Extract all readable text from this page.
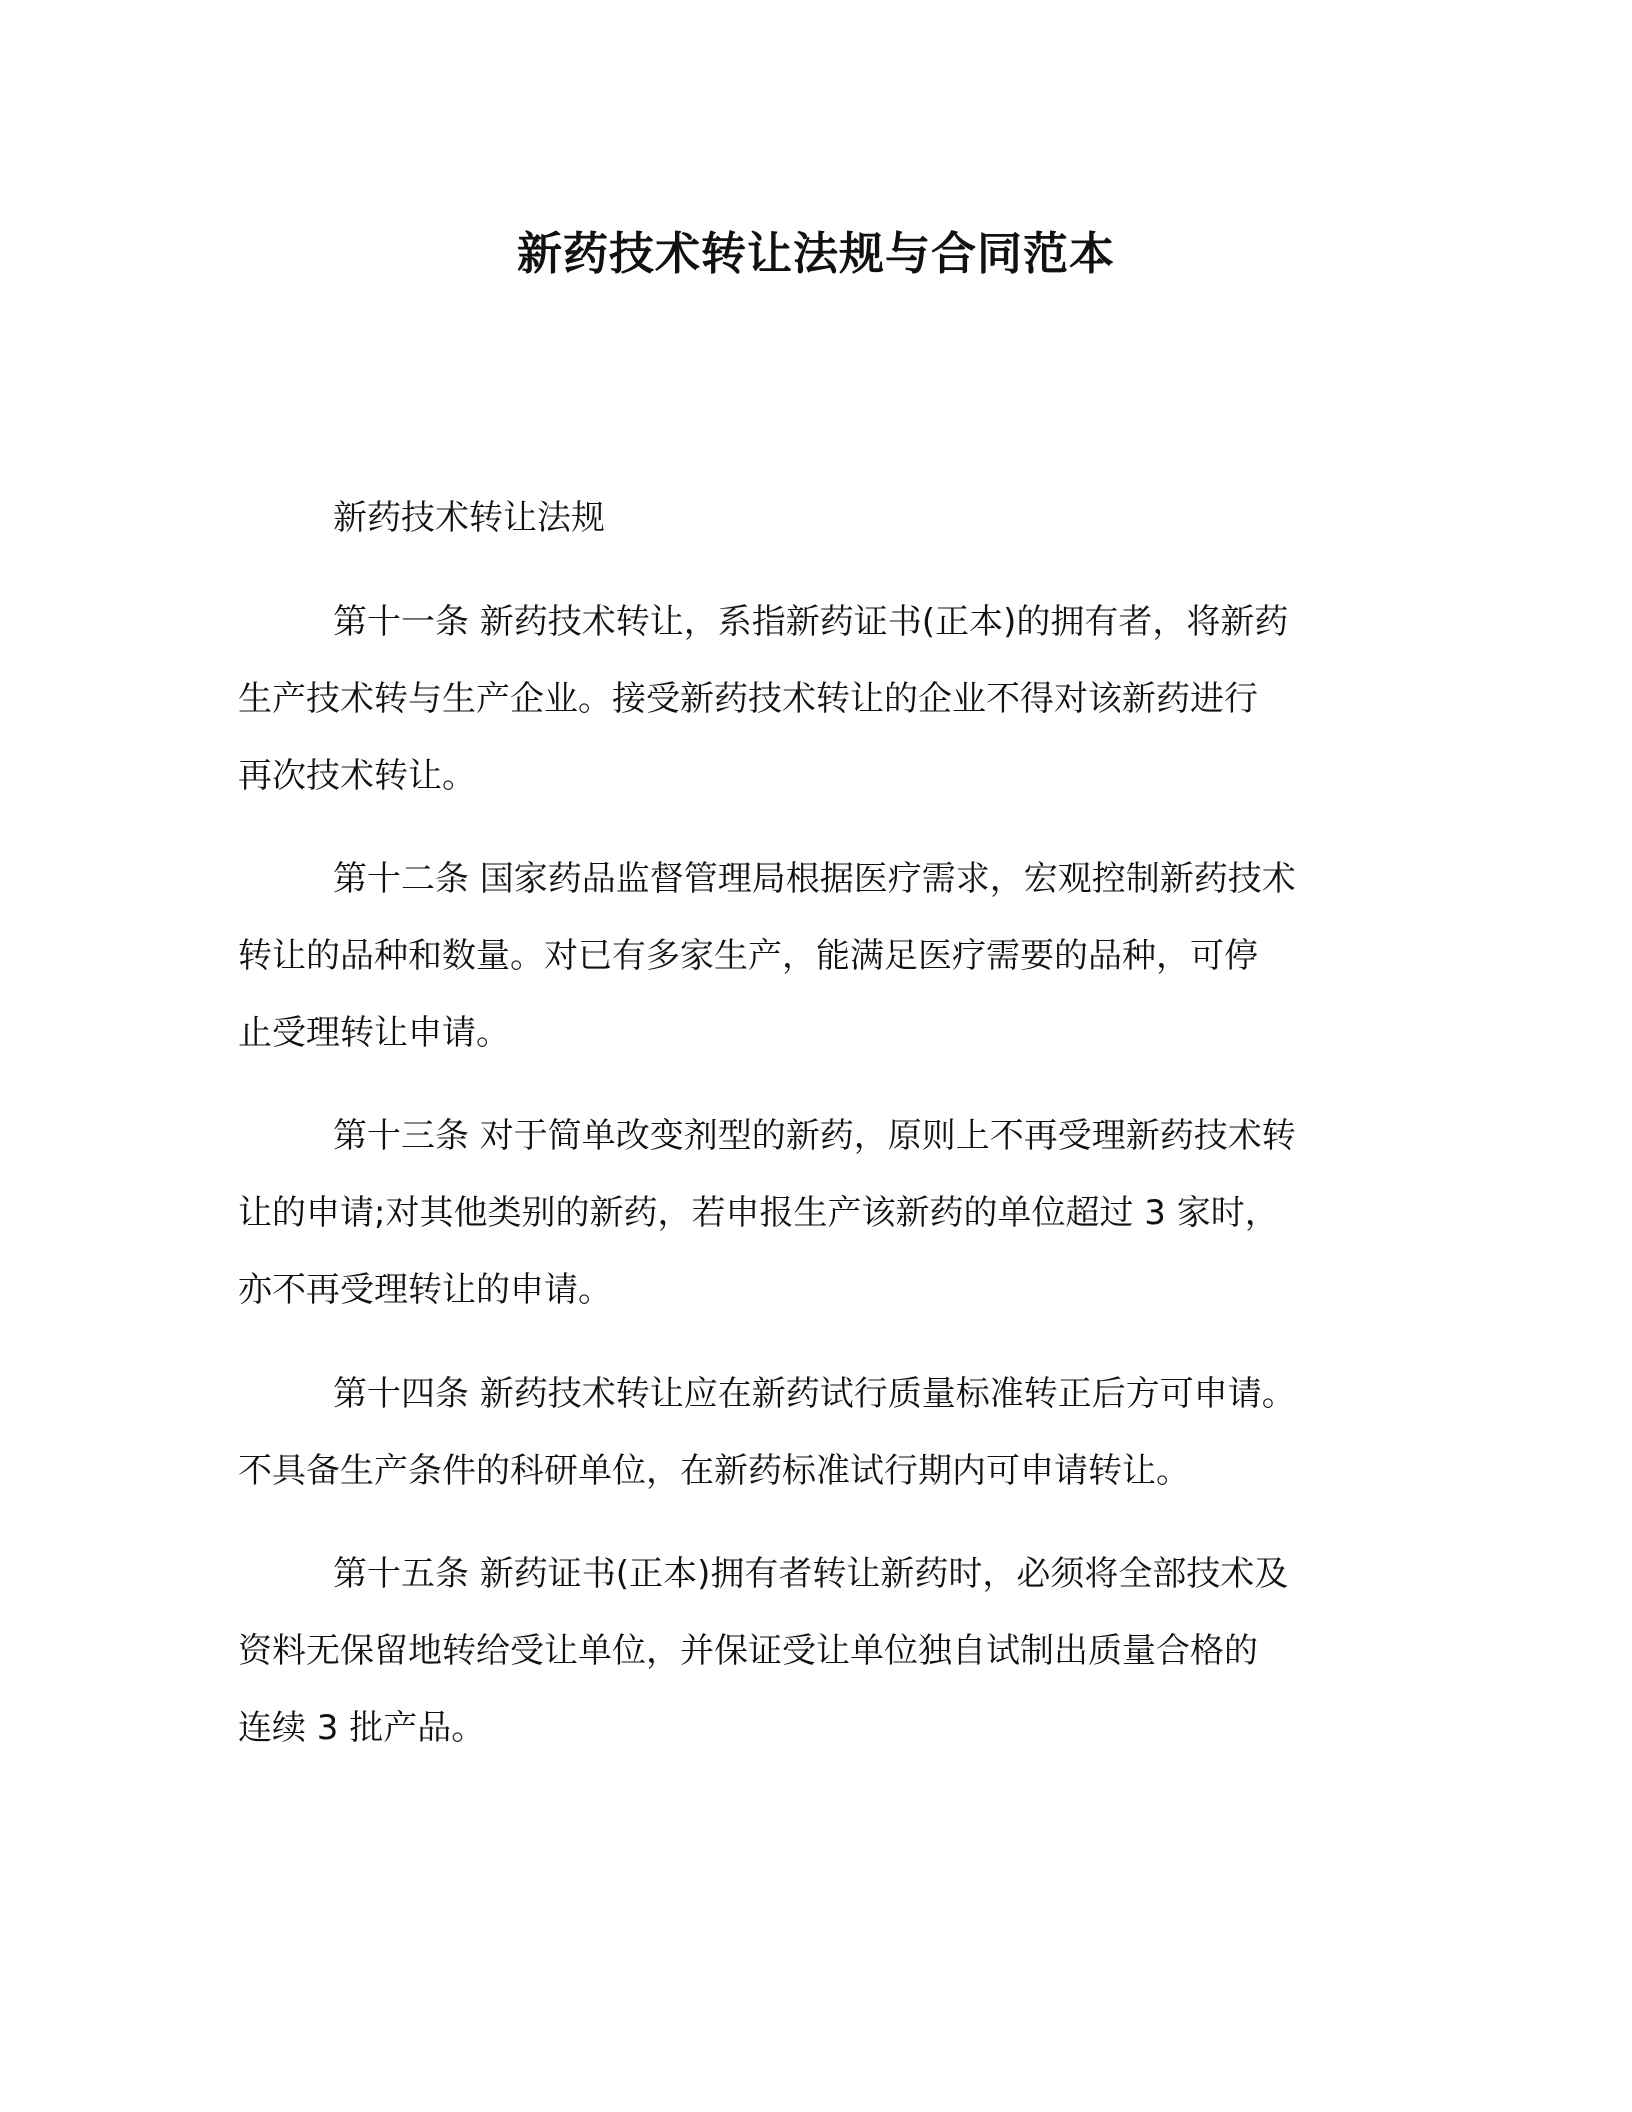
新药技术转让法规与合同范本

新药技术转让法规

第十一条 新药技术转让，系指新药证书(正本)的拥有者，将新药
生产技术转与生产企业。接受新药技术转让的企业不得对该新药进行
再次技术转让。

第十二条 国家药品监督管理局根据医疗需求，宏观控制新药技术
转让的品种和数量。对已有多家生产，能满足医疗需要的品种，可停
止受理转让申请。

第十三条 对于简单改变剂型的新药，原则上不再受理新药技术转
让的申请;对其他类别的新药，若申报生产该新药的单位超过 3 家时，
亦不再受理转让的申请。

第十四条 新药技术转让应在新药试行质量标准转正后方可申请。
不具备生产条件的科研单位，在新药标准试行期内可申请转让。

第十五条 新药证书(正本)拥有者转让新药时，必须将全部技术及
资料无保留地转给受让单位，并保证受让单位独自试制出质量合格的
连续 3 批产品。
